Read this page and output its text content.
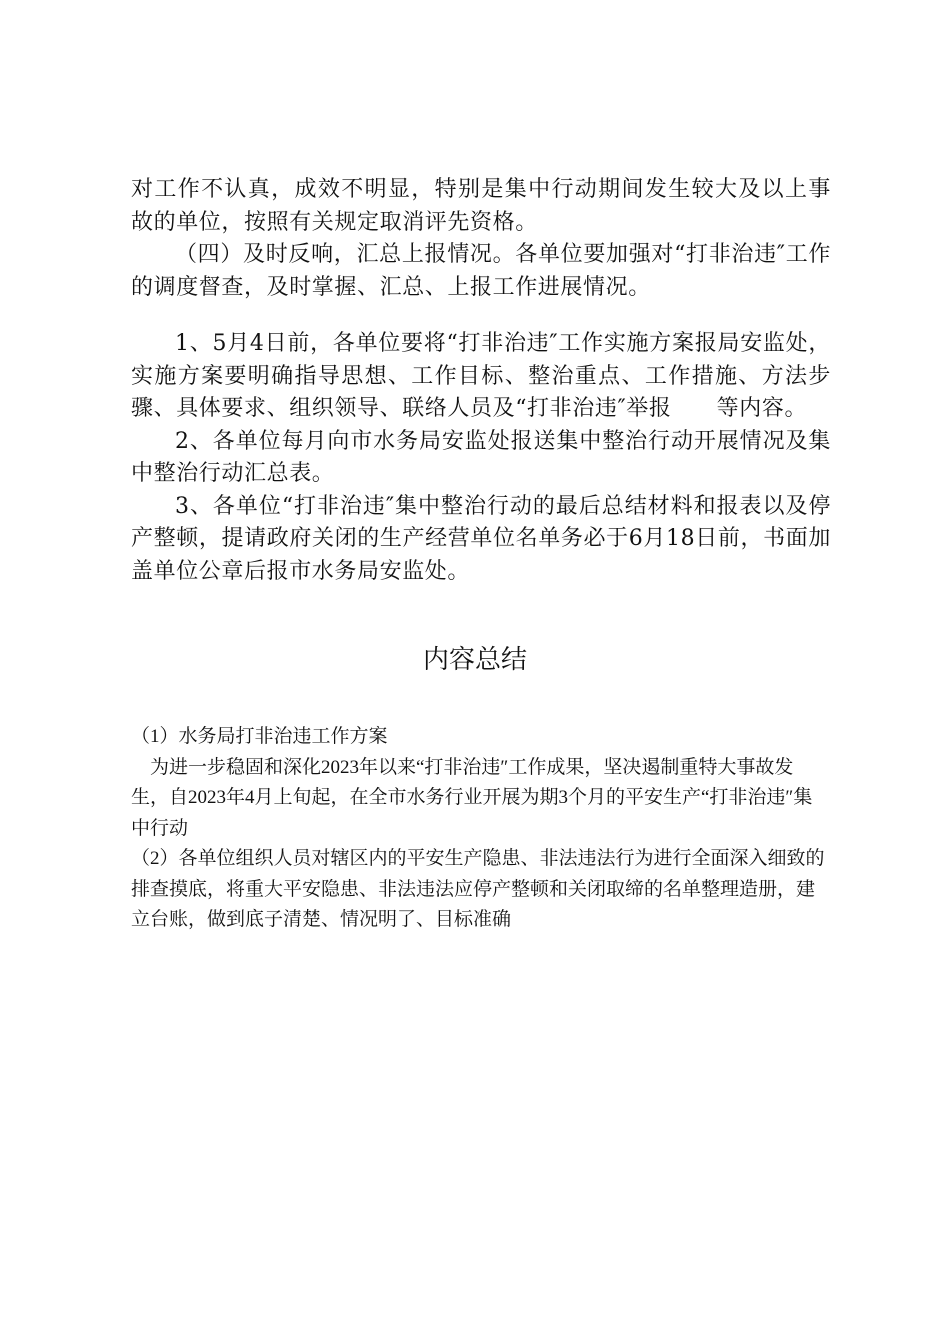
对工作不认真，成效不明显，特别是集中行动期间发生较大及以上事故的单位，按照有关规定取消评先资格。

（四）及时反响，汇总上报情况。各单位要加强对“打非治违″工作的调度督查，及时掌握、汇总、上报工作进展情况。

1、5月4日前，各单位要将“打非治违″工作实施方案报局安监处，实施方案要明确指导思想、工作目标、整治重点、工作措施、方法步骤、具体要求、组织领导、联络人员及“打非治违″举报　　等内容。

2、各单位每月向市水务局安监处报送集中整治行动开展情况及集中整治行动汇总表。

3、各单位“打非治违″集中整治行动的最后总结材料和报表以及停产整顿，提请政府关闭的生产经营单位名单务必于6月18日前，书面加盖单位公章后报市水务局安监处。

内容总结

（1）水务局打非治违工作方案

为进一步稳固和深化2023年以来“打非治违″工作成果，坚决遏制重特大事故发生，自2023年4月上旬起，在全市水务行业开展为期3个月的平安生产“打非治违″集中行动

（2）各单位组织人员对辖区内的平安生产隐患、非法违法行为进行全面深入细致的排查摸底，将重大平安隐患、非法违法应停产整顿和关闭取缔的名单整理造册，建立台账，做到底子清楚、情况明了、目标准确
